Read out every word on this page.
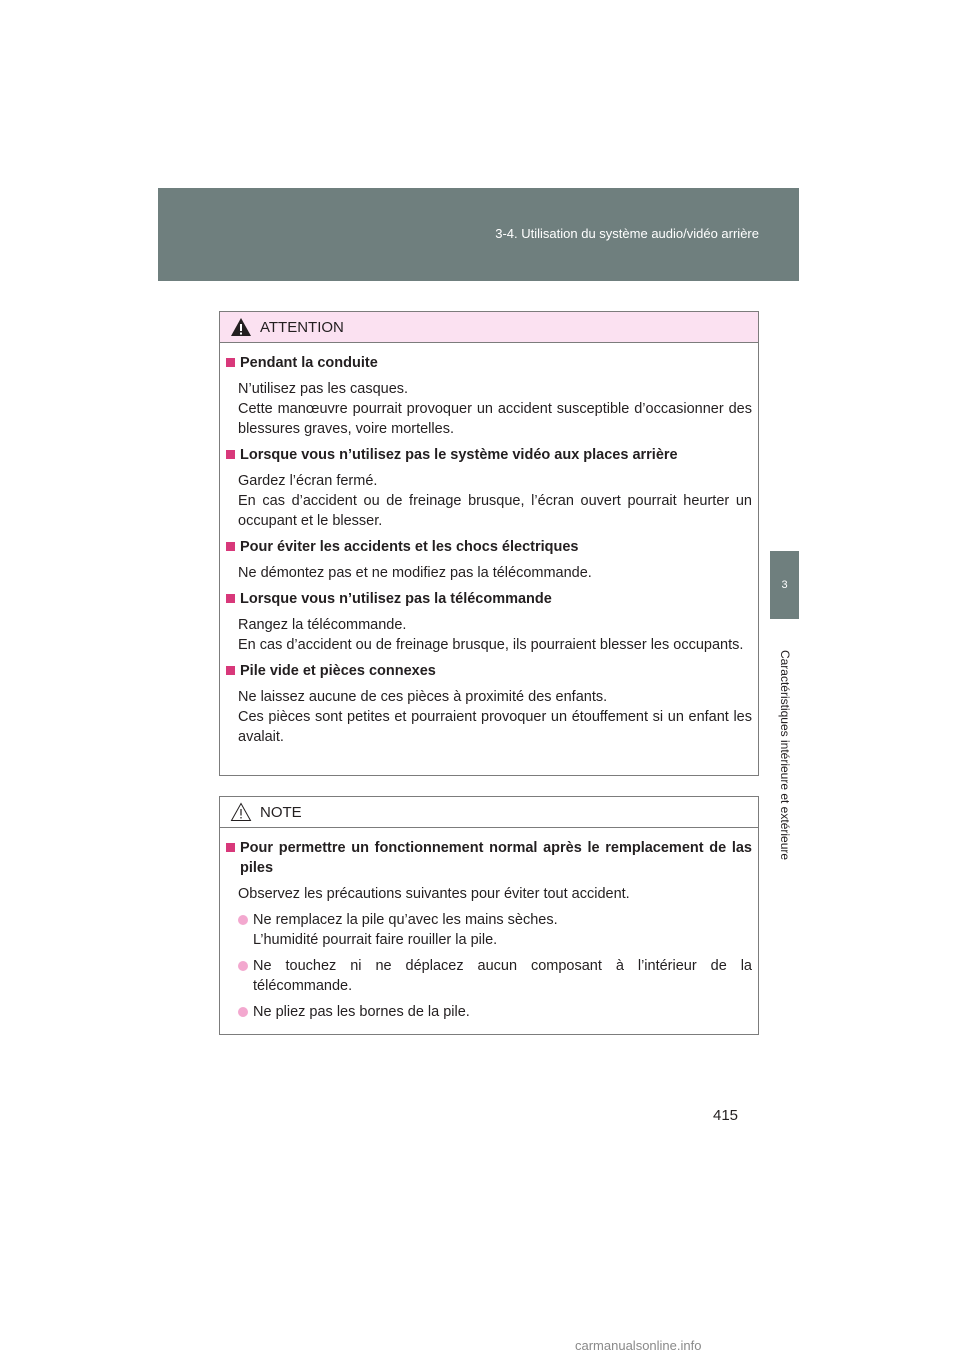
3-4. Utilisation du système audio/vidéo arrière
3
Caractéristiques intérieure et extérieure
ATTENTION
Pendant la conduite
N’utilisez pas les casques.
Cette manœuvre pourrait provoquer un accident susceptible d’occasionner des blessures graves, voire mortelles.
Lorsque vous n’utilisez pas le système vidéo aux places arrière
Gardez l’écran fermé.
En cas d’accident ou de freinage brusque, l’écran ouvert pourrait heurter un occupant et le blesser.
Pour éviter les accidents et les chocs électriques
Ne démontez pas et ne modifiez pas la télécommande.
Lorsque vous n’utilisez pas la télécommande
Rangez la télécommande.
En cas d’accident ou de freinage brusque, ils pourraient blesser les occupants.
Pile vide et pièces connexes
Ne laissez aucune de ces pièces à proximité des enfants.
Ces pièces sont petites et pourraient provoquer un étouffement si un enfant les avalait.
NOTE
Pour permettre un fonctionnement normal après le remplacement de las piles
Observez les précautions suivantes pour éviter tout accident.
Ne remplacez la pile qu’avec les mains sèches.
L’humidité pourrait faire rouiller la pile.
Ne touchez ni ne déplacez aucun composant à l’intérieur de la télécommande.
Ne pliez pas les bornes de la pile.
415
carmanualsonline.info
